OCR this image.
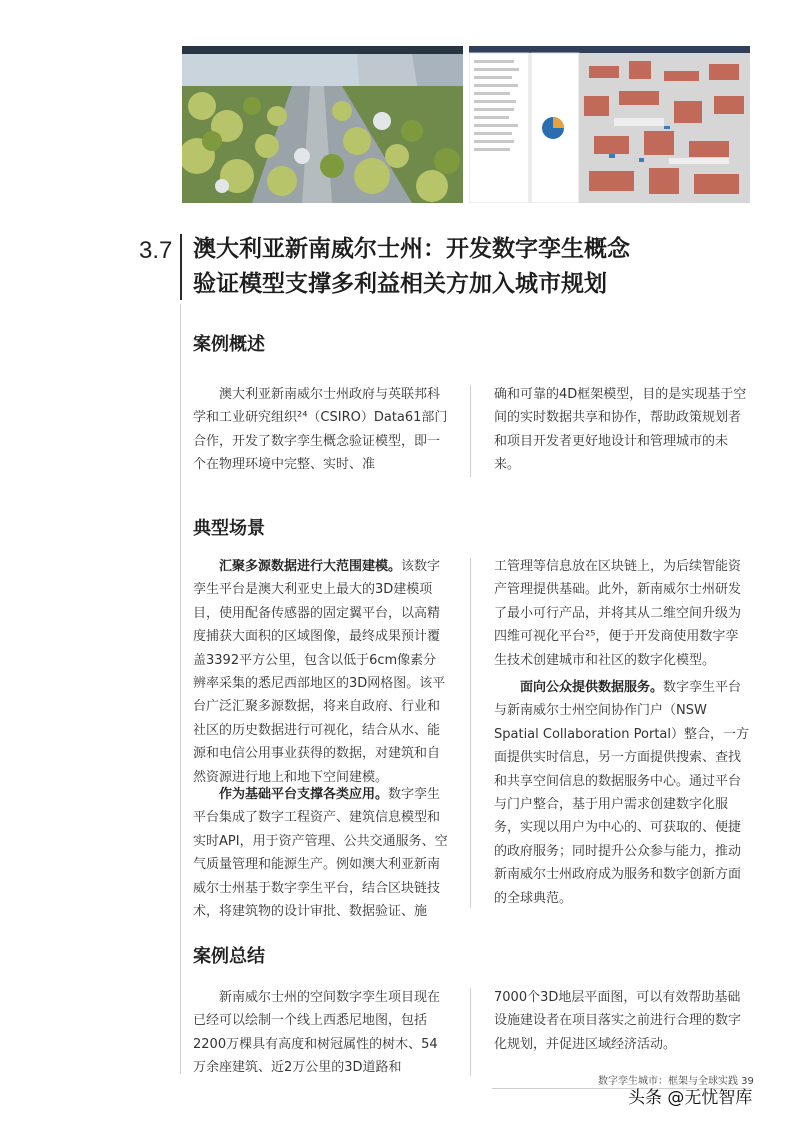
3.7 澳大利亚新南威尔士州：开发数字孪生概念
验证模型支撑多利益相关方加入城市规划
案例概述

澳大利亚新南威尔士州政府与英联邦科学和工业研究组织²⁴（CSIRO）Data61部门合作，开发了数字孪生概念验证模型，即一个在物理环境中完整、实时、准

确和可靠的4D框架模型，目的是实现基于空间的实时数据共享和协作，帮助政策规划者和项目开发者更好地设计和管理城市的未来。

典型场景

汇聚多源数据进行大范围建模。该数字孪生平台是澳大利亚史上最大的3D建模项目，使用配备传感器的固定翼平台，以高精度捕获大面积的区域图像，最终成果预计覆盖3392平方公里，包含以低于6cm像素分辨率采集的悉尼西部地区的3D网格图。该平台广泛汇聚多源数据，将来自政府、行业和社区的历史数据进行可视化，结合从水、能源和电信公用事业获得的数据，对建筑和自然资源进行地上和地下空间建模。

作为基础平台支撑各类应用。数字孪生平台集成了数字工程资产、建筑信息模型和实时API，用于资产管理、公共交通服务、空气质量管理和能源生产。例如澳大利亚新南威尔士州基于数字孪生平台，结合区块链技术，将建筑物的设计审批、数据验证、施

工管理等信息放在区块链上，为后续智能资产管理提供基础。此外，新南威尔士州研发了最小可行产品，并将其从二维空间升级为四维可视化平台²⁵，便于开发商使用数字孪生技术创建城市和社区的数字化模型。

面向公众提供数据服务。数字孪生平台与新南威尔士州空间协作门户（NSW Spatial Collaboration Portal）整合，一方面提供实时信息，另一方面提供搜索、查找和共享空间信息的数据服务中心。通过平台与门户整合，基于用户需求创建数字化服务，实现以用户为中心的、可获取的、便捷的政府服务；同时提升公众参与能力，推动新南威尔士州政府成为服务和数字创新方面的全球典范。

案例总结

新南威尔士州的空间数字孪生项目现在已经可以绘制一个线上西悉尼地图，包括2200万棵具有高度和树冠属性的树木、54万余座建筑、近2万公里的3D道路和

7000个3D地层平面图，可以有效帮助基础设施建设者在项目落实之前进行合理的数字化规划，并促进区域经济活动。

数字孪生城市：框架与全球实践 39
头条 @无忧智库
